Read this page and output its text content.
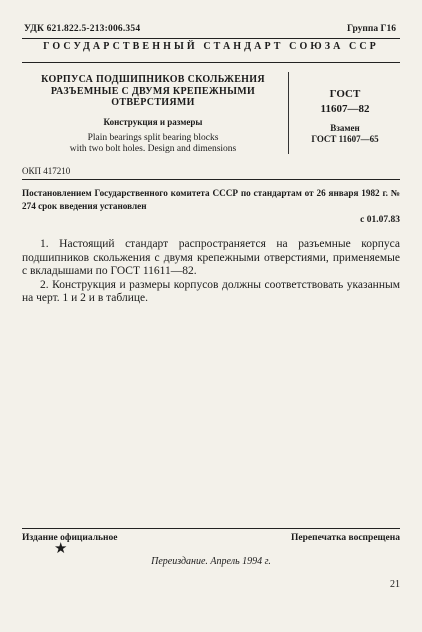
УДК 621.822.5-213:006.354	Группа Г16
ГОСУДАРСТВЕННЫЙ СТАНДАРТ СОЮЗА ССР
КОРПУСА ПОДШИПНИКОВ СКОЛЬЖЕНИЯ
РАЗЪЕМНЫЕ С ДВУМЯ КРЕПЕЖНЫМИ
ОТВЕРСТИЯМИ
Конструкция и размеры
Plain bearings split bearing blocks
with two bolt holes. Design and dimensions
ГОСТ
11607—82
Взамен
ГОСТ 11607—65
ОКП 417210
Постановлением Государственного комитета СССР по стандартам от 26 января 1982 г. № 274 срок введения установлен
с 01.07.83

1. Настоящий стандарт распространяется на разъемные корпуса подшипников скольжения с двумя крепежными отверстиями, применяемые с вкладышами по ГОСТ 11611—82.

2. Конструкция и размеры корпусов должны соответствовать указанным на черт. 1 и 2 и в таблице.

Издание официальное	Перепечатка воспрещена
★
Переиздание. Апрель 1994 г.
21
